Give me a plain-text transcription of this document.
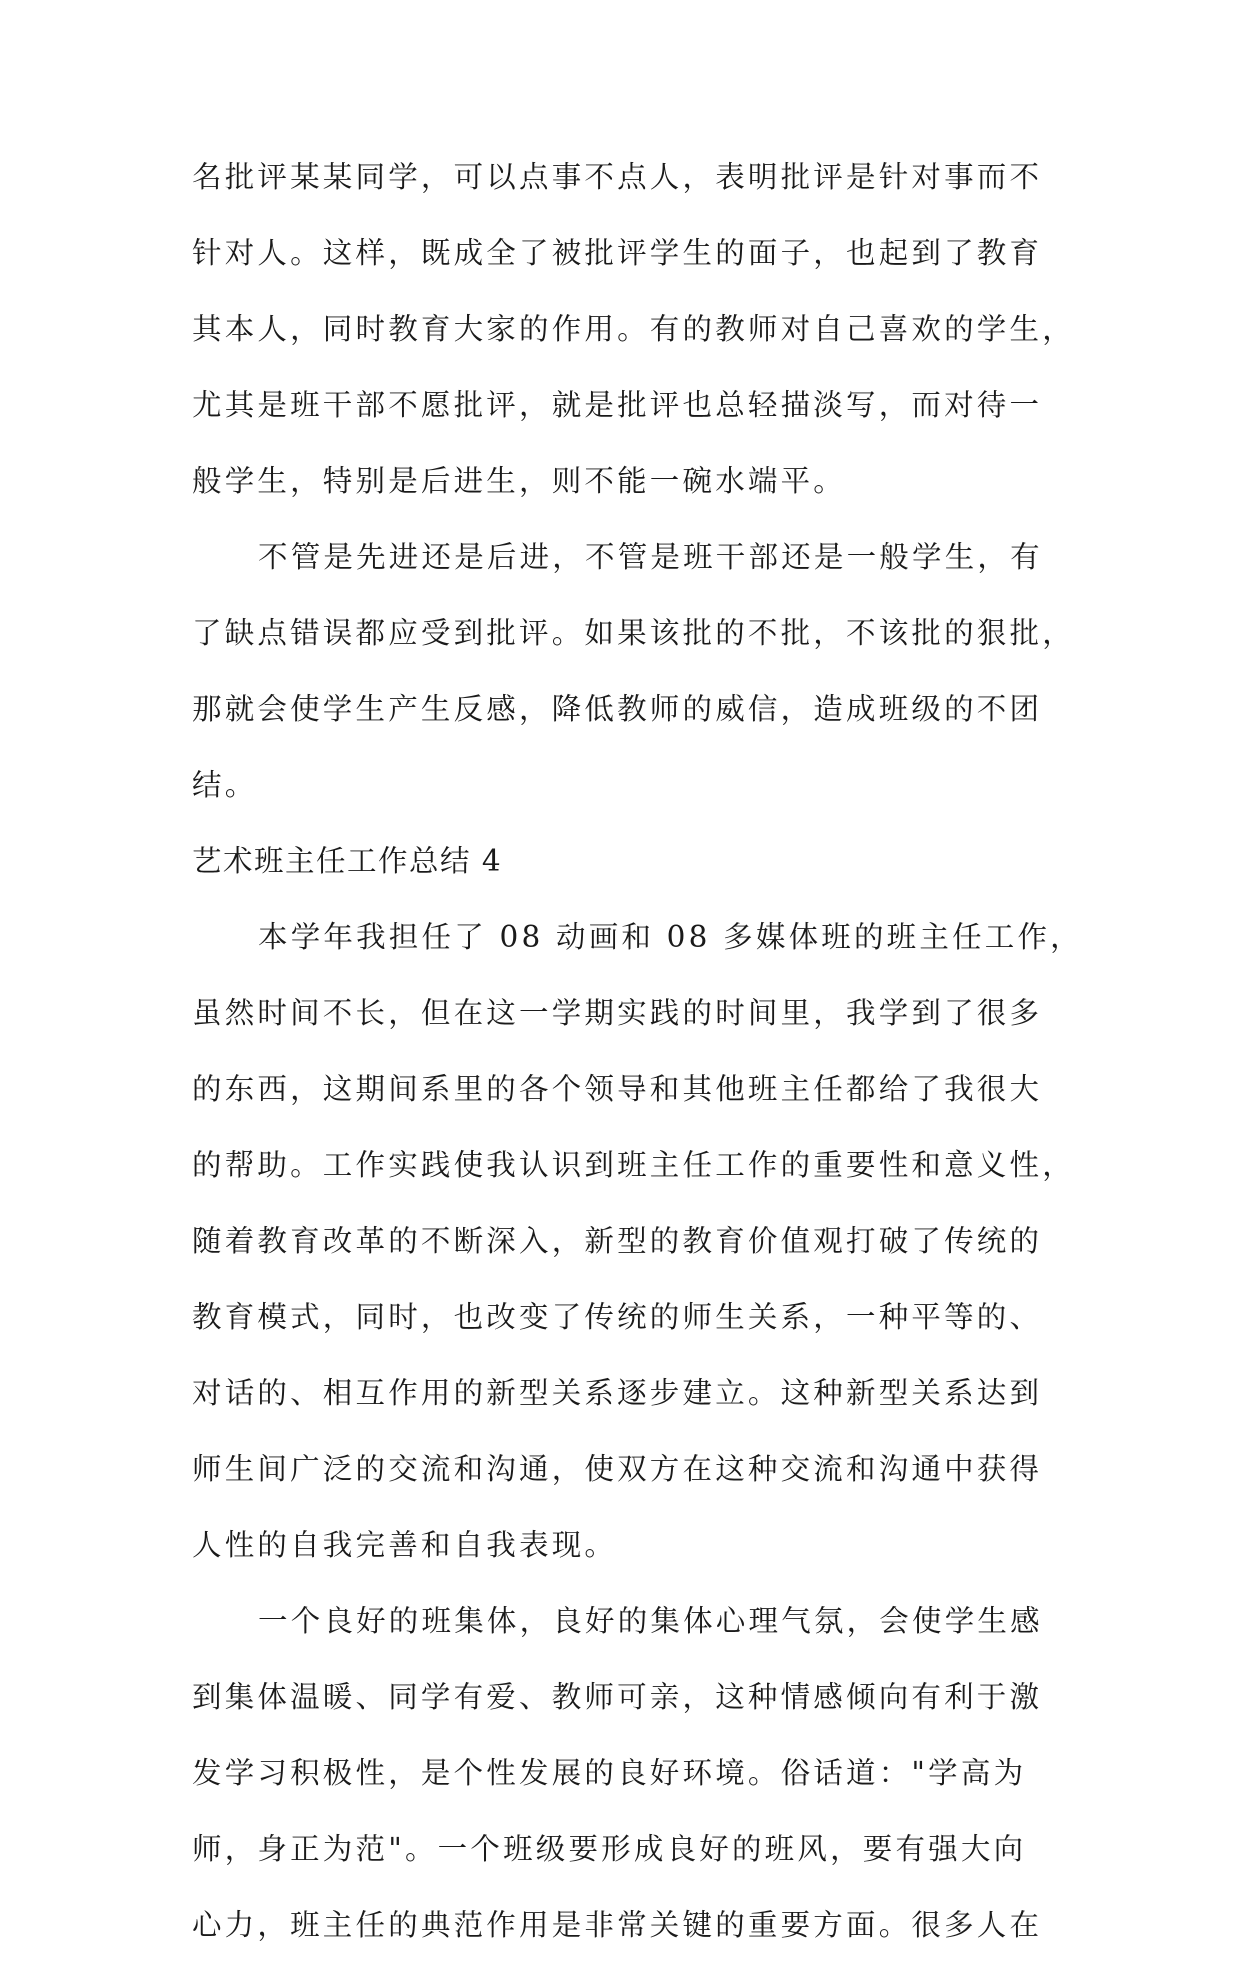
名批评某某同学，可以点事不点人，表明批评是针对事而不
针对人。这样，既成全了被批评学生的面子，也起到了教育
其本人，同时教育大家的作用。有的教师对自己喜欢的学生，
尤其是班干部不愿批评，就是批评也总轻描淡写，而对待一
般学生，特别是后进生，则不能一碗水端平。
不管是先进还是后进，不管是班干部还是一般学生，有
了缺点错误都应受到批评。如果该批的不批，不该批的狠批，
那就会使学生产生反感，降低教师的威信，造成班级的不团
结。
艺术班主任工作总结 4
本学年我担任了 08 动画和 08 多媒体班的班主任工作，
虽然时间不长，但在这一学期实践的时间里，我学到了很多
的东西，这期间系里的各个领导和其他班主任都给了我很大
的帮助。工作实践使我认识到班主任工作的重要性和意义性，
随着教育改革的不断深入，新型的教育价值观打破了传统的
教育模式，同时，也改变了传统的师生关系，一种平等的、
对话的、相互作用的新型关系逐步建立。这种新型关系达到
师生间广泛的交流和沟通，使双方在这种交流和沟通中获得
人性的自我完善和自我表现。
一个良好的班集体，良好的集体心理气氛，会使学生感
到集体温暖、同学有爱、教师可亲，这种情感倾向有利于激
发学习积极性，是个性发展的良好环境。俗话道："学高为
师，身正为范"。一个班级要形成良好的班风，要有强大向
心力，班主任的典范作用是非常关键的重要方面。很多人在
